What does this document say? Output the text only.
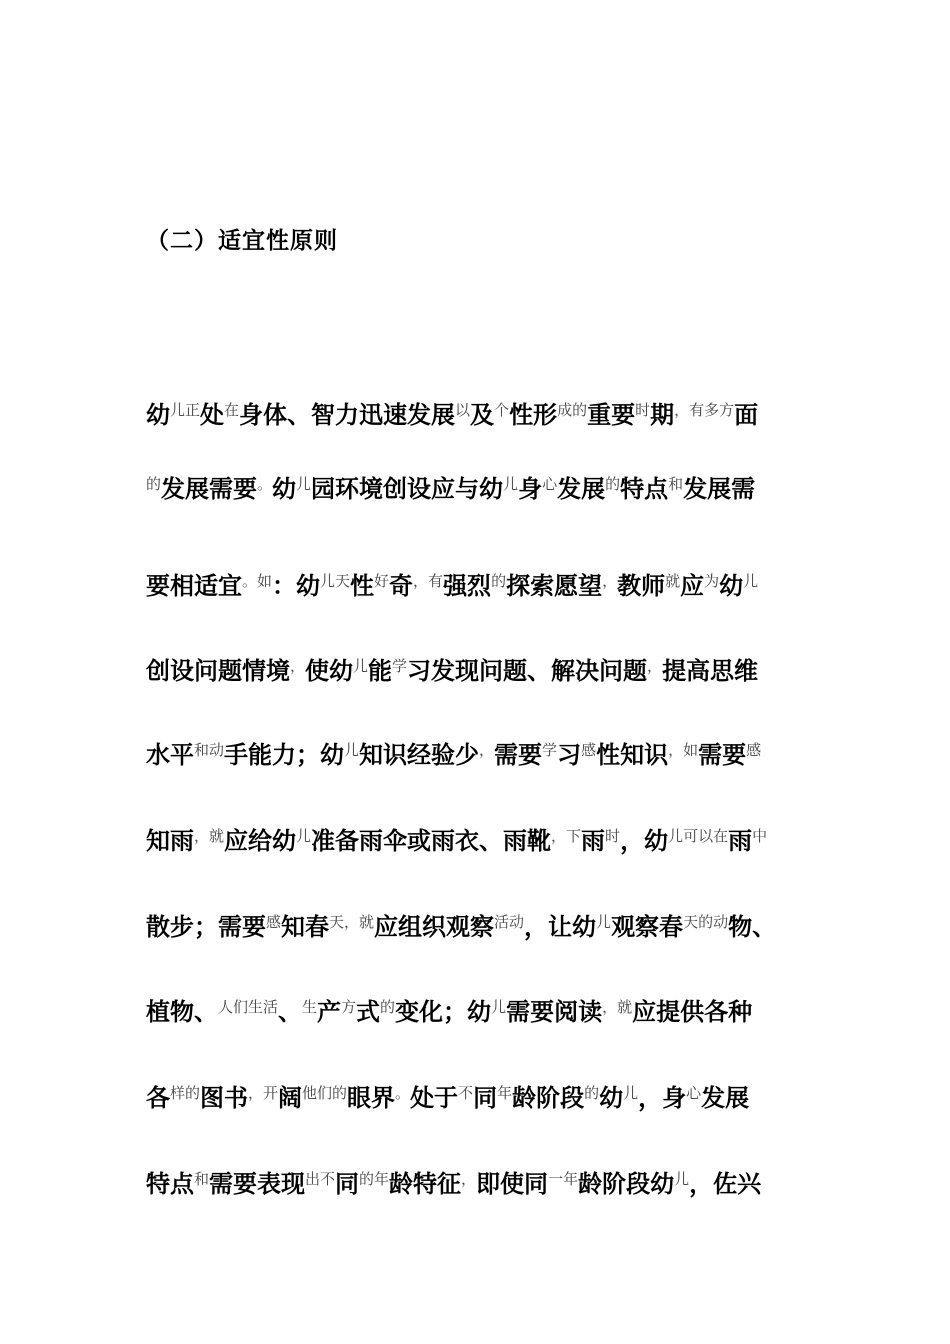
（二）适宜性原则
幼$^{儿正}$处$^在$身体、智力迅速发展$^以$及$^个$性形$^{成的}$重要$^时$期$^{,有多方}$面
$^的$发展需要。幼$^儿$园环境创设应与幼$^儿$身$^心$发展$^的$特点$^和$发展需
要相适宜$^{。如}$：幼$^{儿天}$性$^好$奇$^{,有}$强烈$^的$探索愿望，教师$^就$应$^为$幼$^儿$
创设问题情境，使幼$^儿$能$^学$习发现问题、解决问题，提高思维
水平$^{和动}$手能力；幼$^儿$知识经验少，需要$^学$习$^感$性知识$^{,如}$需要$^感$
知雨$^{,就}$应给幼$^儿$准备雨伞或雨衣、雨靴$^{,下}$雨$^时$，幼$^{儿可以在}$雨$^中$
散步；需要$^感$知春$^{天,就}$应组织观察$^{活动}$，让幼$^儿$观察春$^{天的动}$物、
植物、$^{人们生活}$、$^生$产$^方$式$^的$变化；幼$^儿$需要阅读$^{,就}$应提供各种
各$^{样的}$图书$^{,开}$阔$^{他们的}$眼界。处于$^不$同$^年$龄阶段$^的$幼$^儿$，身$^心$发展
特点$^和$需要表现$^{出不}$同$^{的年}$龄特征，即使同$^{一年}$龄阶段幼$^儿$，佐兴
